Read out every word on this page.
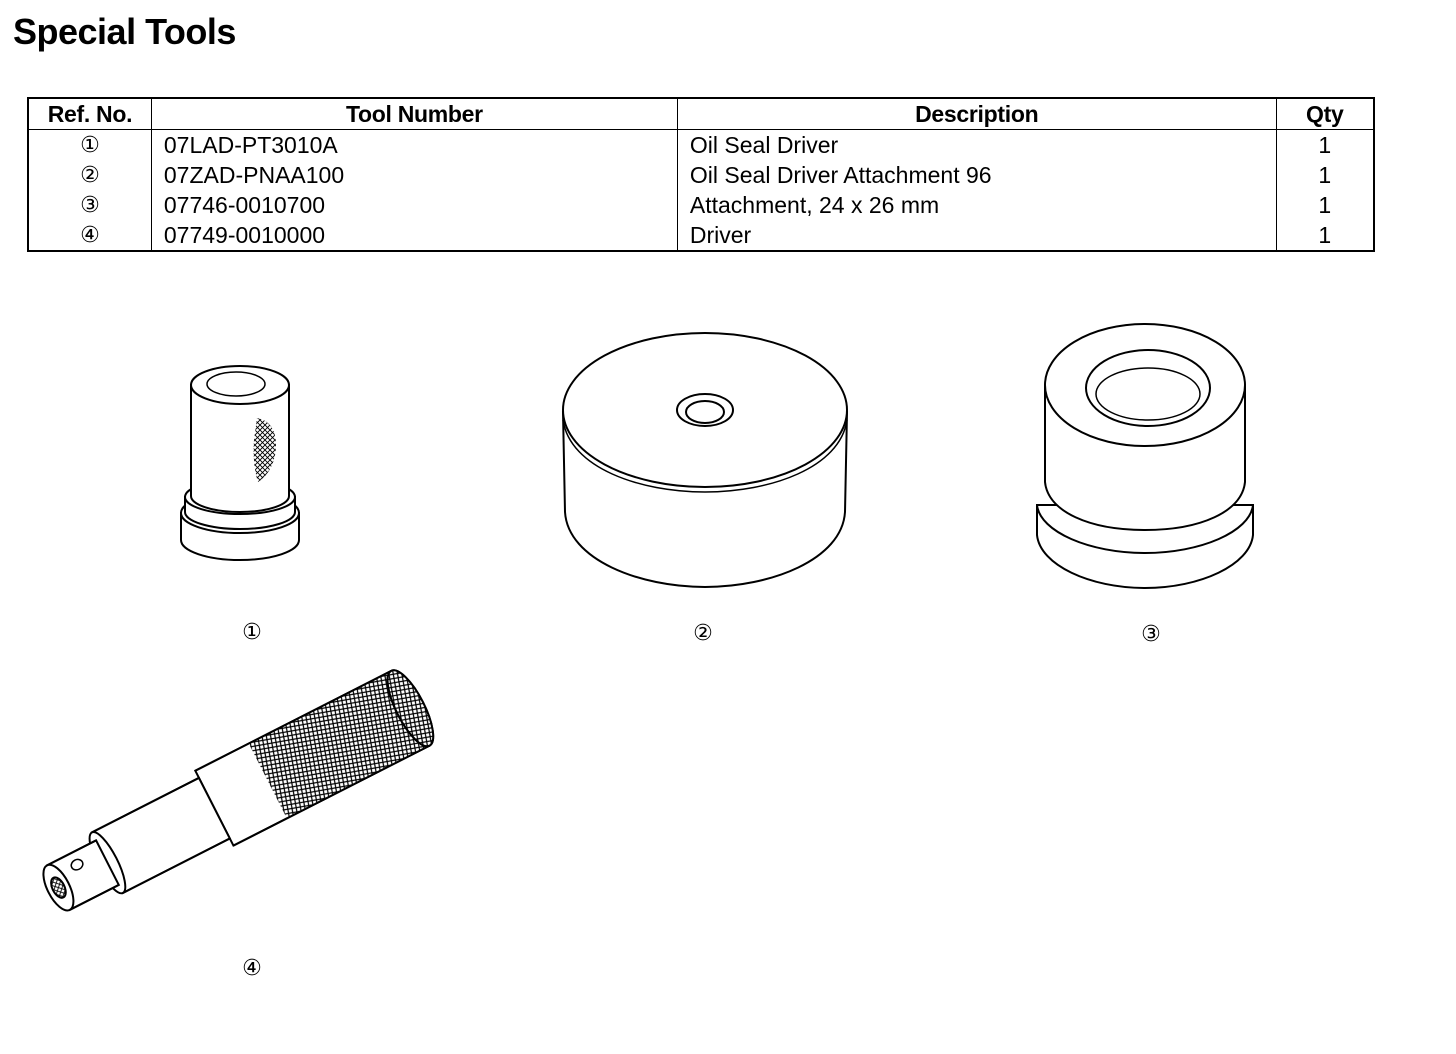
Special Tools
Ref. No.	Tool Number	Description	Qty
①	07LAD-PT3010A	Oil Seal Driver	1
②	07ZAD-PNAA100	Oil Seal Driver Attachment 96	1
③	07746-0010700	Attachment, 24 x 26 mm	1
④	07749-0010000	Driver	1
①	②	③
④
